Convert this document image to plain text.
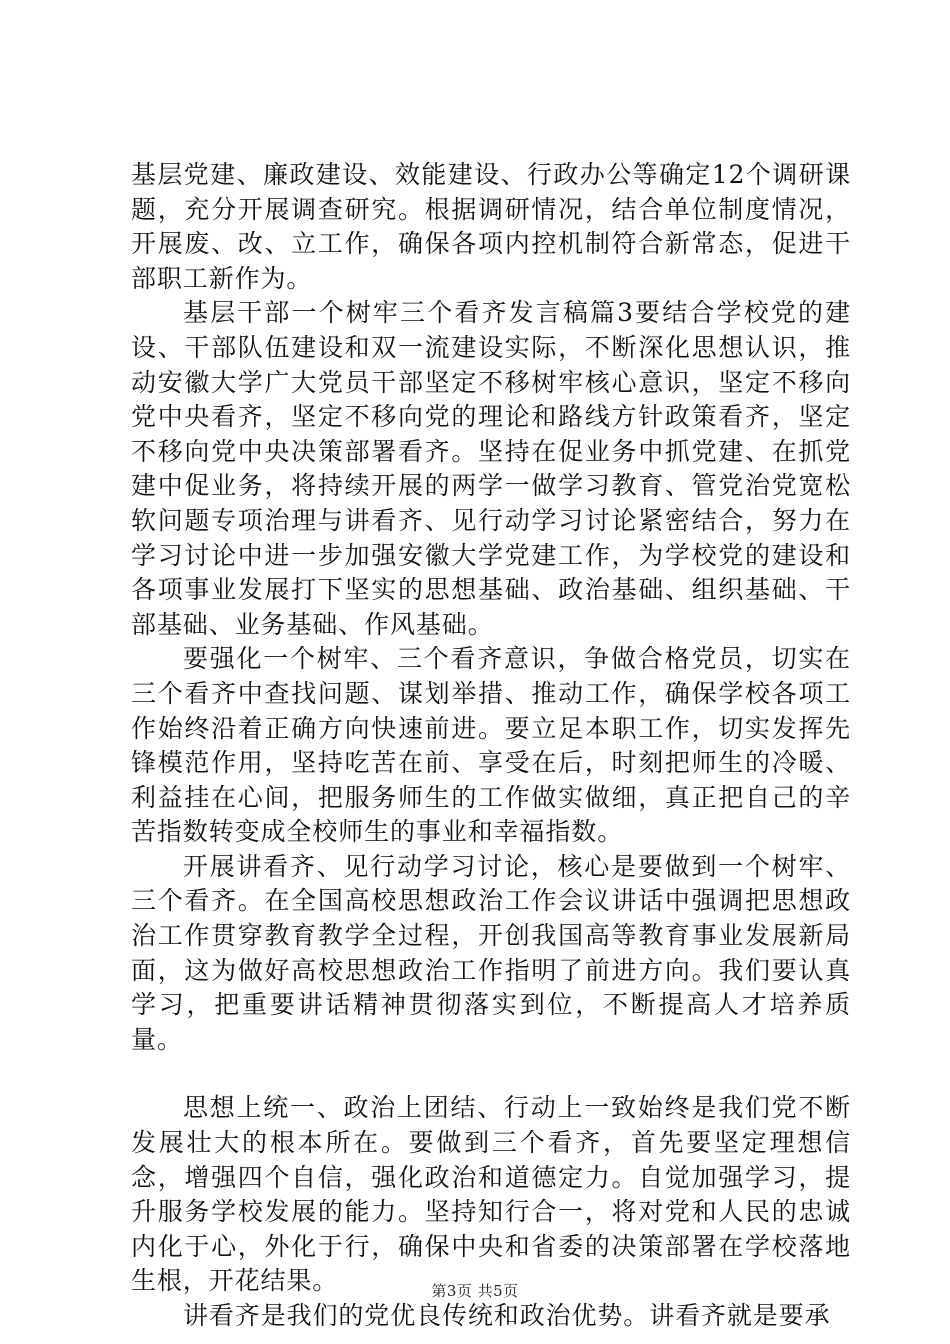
基层党建、廉政建设、效能建设、行政办公等确定12个调研课题，充分开展调查研究。根据调研情况，结合单位制度情况，开展废、改、立工作，确保各项内控机制符合新常态，促进干部职工新作为。

基层干部一个树牢三个看齐发言稿篇3要结合学校党的建设、干部队伍建设和双一流建设实际，不断深化思想认识，推动安徽大学广大党员干部坚定不移树牢核心意识，坚定不移向党中央看齐，坚定不移向党的理论和路线方针政策看齐，坚定不移向党中央决策部署看齐。坚持在促业务中抓党建、在抓党建中促业务，将持续开展的两学一做学习教育、管党治党宽松软问题专项治理与讲看齐、见行动学习讨论紧密结合，努力在学习讨论中进一步加强安徽大学党建工作，为学校党的建设和各项事业发展打下坚实的思想基础、政治基础、组织基础、干部基础、业务基础、作风基础。

要强化一个树牢、三个看齐意识，争做合格党员，切实在三个看齐中查找问题、谋划举措、推动工作，确保学校各项工作始终沿着正确方向快速前进。要立足本职工作，切实发挥先锋模范作用，坚持吃苦在前、享受在后，时刻把师生的冷暖、利益挂在心间，把服务师生的工作做实做细，真正把自己的辛苦指数转变成全校师生的事业和幸福指数。

开展讲看齐、见行动学习讨论，核心是要做到一个树牢、三个看齐。在全国高校思想政治工作会议讲话中强调把思想政治工作贯穿教育教学全过程，开创我国高等教育事业发展新局面，这为做好高校思想政治工作指明了前进方向。我们要认真学习，把重要讲话精神贯彻落实到位，不断提高人才培养质量。

思想上统一、政治上团结、行动上一致始终是我们党不断发展壮大的根本所在。要做到三个看齐，首先要坚定理想信念，增强四个自信，强化政治和道德定力。自觉加强学习，提升服务学校发展的能力。坚持知行合一，将对党和人民的忠诚内化于心，外化于行，确保中央和省委的决策部署在学校落地生根，开花结果。

讲看齐是我们的党优良传统和政治优势。讲看齐就是要承

第3页 共5页
